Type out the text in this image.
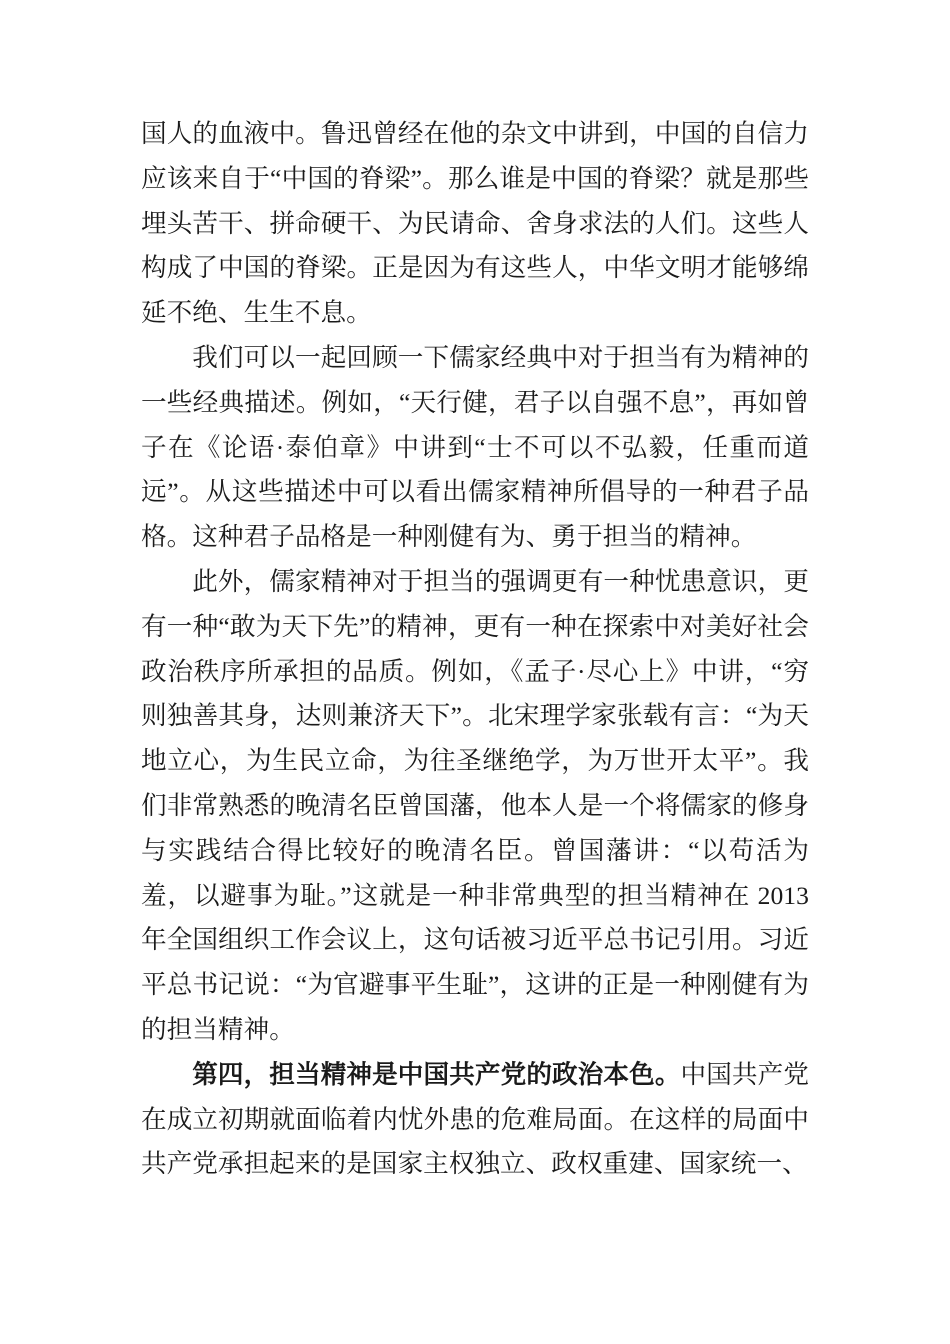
国人的血液中。鲁迅曾经在他的杂文中讲到，中国的自信力应该来自于“中国的脊梁”。那么谁是中国的脊梁？就是那些埋头苦干、拼命硬干、为民请命、舍身求法的人们。这些人构成了中国的脊梁。正是因为有这些人，中华文明才能够绵延不绝、生生不息。

我们可以一起回顾一下儒家经典中对于担当有为精神的一些经典描述。例如，“天行健，君子以自强不息”，再如曾子在《论语·泰伯章》中讲到“士不可以不弘毅，任重而道远”。从这些描述中可以看出儒家精神所倡导的一种君子品格。这种君子品格是一种刚健有为、勇于担当的精神。

此外，儒家精神对于担当的强调更有一种忧患意识，更有一种“敢为天下先”的精神，更有一种在探索中对美好社会政治秩序所承担的品质。例如，《孟子·尽心上》中讲，“穷则独善其身，达则兼济天下”。北宋理学家张载有言：“为天地立心，为生民立命，为往圣继绝学，为万世开太平”。我们非常熟悉的晚清名臣曾国藩，他本人是一个将儒家的修身与实践结合得比较好的晚清名臣。曾国藩讲：“以苟活为羞，以避事为耻。”这就是一种非常典型的担当精神在 2013 年全国组织工作会议上，这句话被习近平总书记引用。习近平总书记说：“为官避事平生耻”，这讲的正是一种刚健有为的担当精神。

第四，担当精神是中国共产党的政治本色。中国共产党在成立初期就面临着内忧外患的危难局面。在这样的局面中共产党承担起来的是国家主权独立、政权重建、国家统一、
